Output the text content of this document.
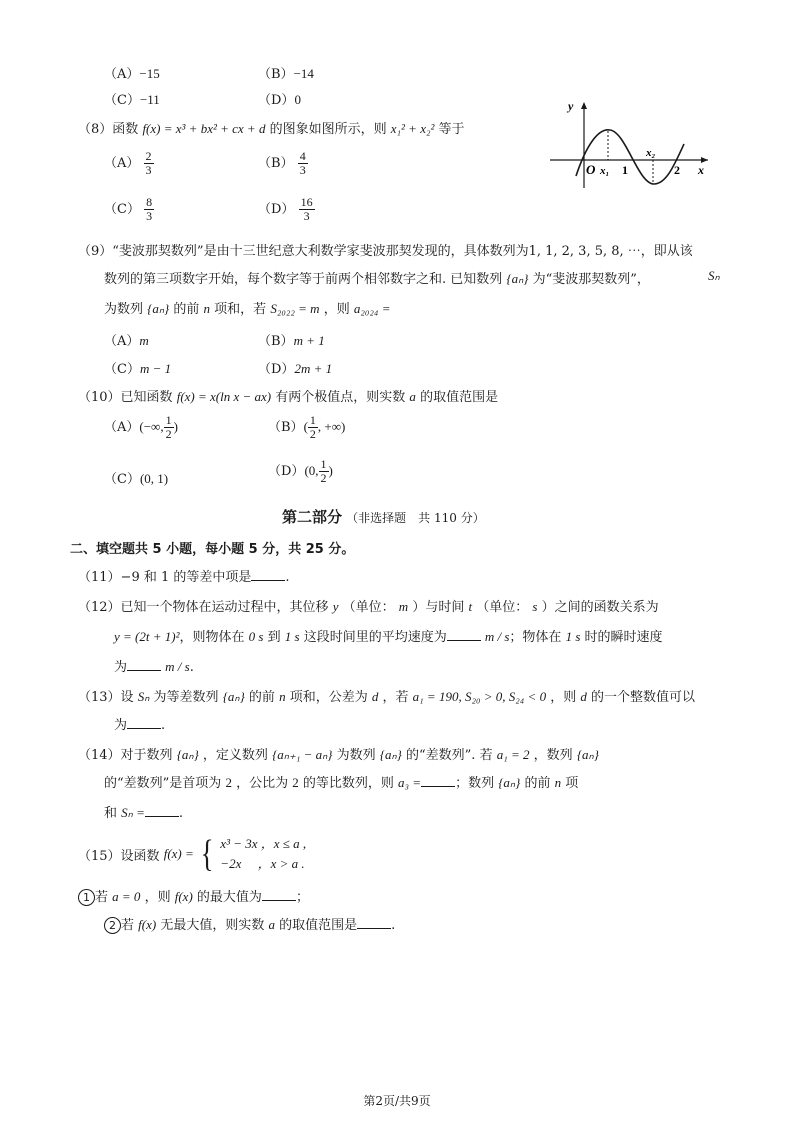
（A）−15	（B）−14
（C）−11	（D）0
（8）函数 f(x) = x³ + bx² + cx + d 的图象如图所示，则 x₁² + x₂² 等于
$(A) \frac{2}{3}$	$(B) \frac{4}{3}$
$(C) \frac{8}{3}$	$(D) \frac{16}{3}$
y
x
O x₁ 1
x₂
2
（9）“斐波那契数列”是由十三世纪意大利数学家斐波那契发现的，具体数列为1, 1, 2, 3, 5, 8, ⋯，即从该
数列的第三项数字开始，每个数字等于前两个相邻数字之和. 已知数列 {aₙ} 为“斐波那契数列”，	Sₙ
为数列 {aₙ} 的前 n 项和，若 S₂₀₂₂ = m ，则 a₂₀₂₄ =
（A）m	（B）m + 1
（C）m − 1	（D）2m + 1
（10）已知函数 f(x) = x(ln x − ax) 有两个极值点，则实数 a 的取值范围是
（A）(−∞, $\frac{1}{2}$ )	$(B)( \frac{1}{2}$ , +∞)
（C）(0, 1)	（D）(0, $\frac{1}{2}$ )
第二部分 （非选择题　共 110 分）
二、填空题共 5 小题，每小题 5 分，共 25 分。
（11）−9 和 1 的等差中项是	.
（12）已知一个物体在运动过程中，其位移 y （单位： m ）与时间 t （单位： s ）之间的函数关系为
y = (2t + 1)²，则物体在 0 s 到 1 s 这段时间里的平均速度为	m / s；物体在 1 s 时的瞬时速度
为	m / s.
（13）设 Sₙ 为等差数列 {aₙ} 的前 n 项和，公差为 d ，若 a₁ = 190, S₂₀ > 0, S₂₄ < 0 ，则 d 的一个整数值可以
为	.
（14）对于数列 {aₙ} ，定义数列 {aₙ₊₁ − aₙ} 为数列 {aₙ} 的“差数列”. 若 a₁ = 2 ，数列 {aₙ}
的“差数列”是首项为 2 ，公比为 2 的等比数列，则 a₃ =	；数列 {aₙ} 的前 n 项
和 Sₙ =	.
（15）设函数 f(x) = { x³ − 3x ，x ≤ a ,
−2x 　，x > a .
1 若 a = 0 ，则 f(x) 的最大值为	；
2 若 f(x) 无最大值，则实数 a 的取值范围是	.
第2页/共9页
